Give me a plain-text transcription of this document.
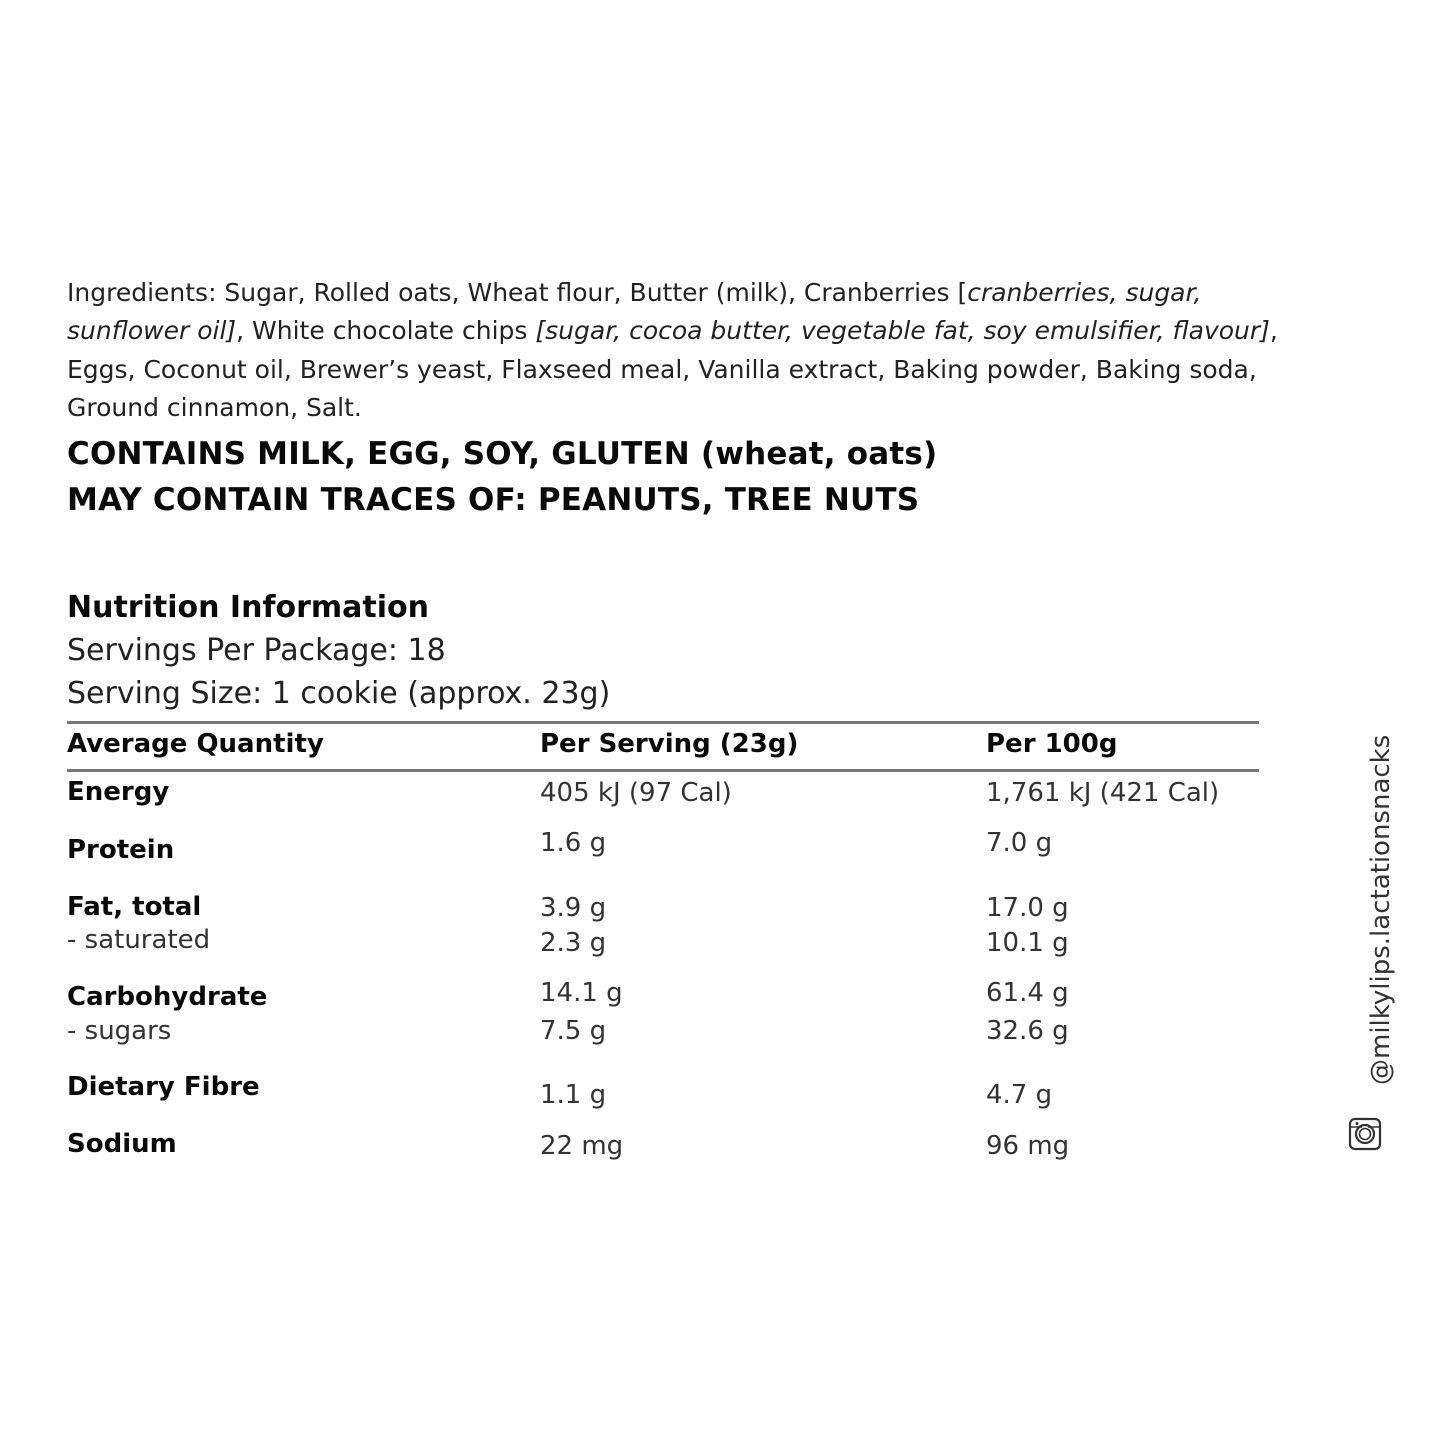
Ingredients: Sugar, Rolled oats, Wheat flour, Butter (milk), Cranberries [cranberries, sugar, sunflower oil], White chocolate chips [sugar, cocoa butter, vegetable fat, soy emulsifier, flavour], Eggs, Coconut oil, Brewer’s yeast, Flaxseed meal, Vanilla extract, Baking powder, Baking soda, Ground cinnamon, Salt.
CONTAINS MILK, EGG, SOY, GLUTEN (wheat, oats)
MAY CONTAIN TRACES OF: PEANUTS, TREE NUTS
Nutrition Information
Servings Per Package: 18
Serving Size: 1 cookie (approx. 23g)
Average Quantity	Per Serving (23g)	Per 100g
Energy	405 kJ (97 Cal)	1,761 kJ (421 Cal)
Protein	1.6 g	7.0 g
Fat, total	3.9 g	17.0 g
- saturated	2.3 g	10.1 g
Carbohydrate	14.1 g	61.4 g
- sugars	7.5 g	32.6 g
Dietary Fibre	1.1 g	4.7 g
Sodium	22 mg	96 mg
@milkylips.lactationsnacks
